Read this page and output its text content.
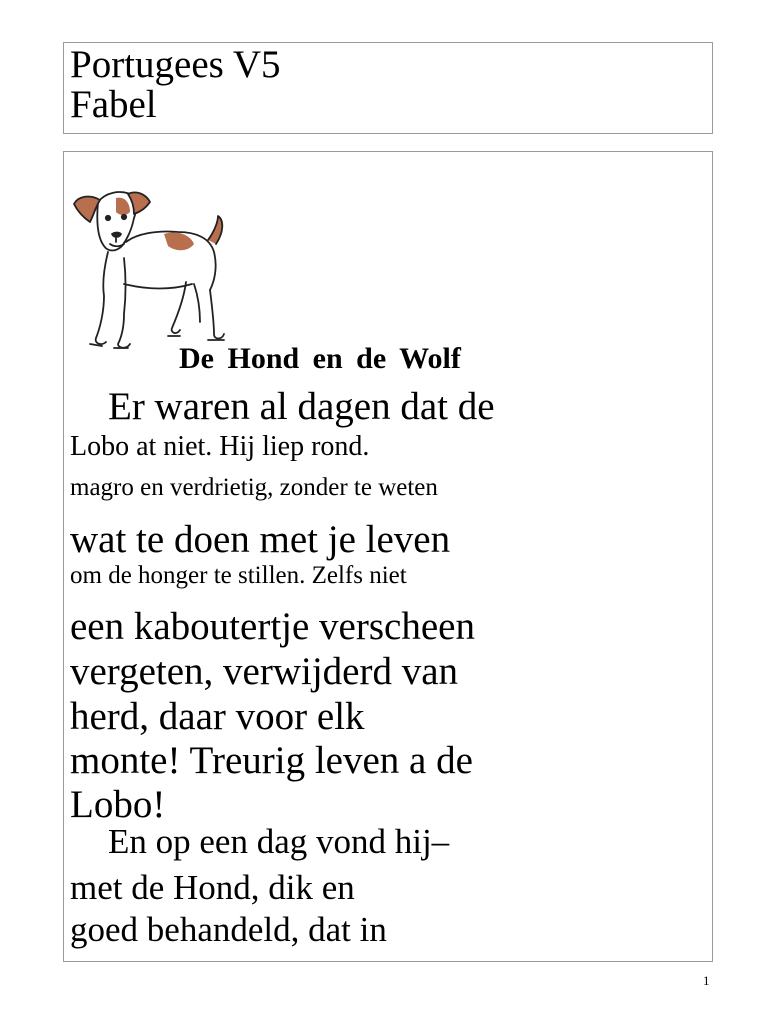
Portugees V5
Fabel
De Hond en de Wolf
Er waren al dagen dat de
Lobo at niet. Hij liep rond.
magro en verdrietig, zonder te weten
wat te doen met je leven
om de honger te stillen. Zelfs niet
een kaboutertje verscheen
vergeten, verwijderd van
herd, daar voor elk
monte! Treurig leven a de
Lobo!
En op een dag vond hij–
met de Hond, dik en
goed behandeld, dat in
1
